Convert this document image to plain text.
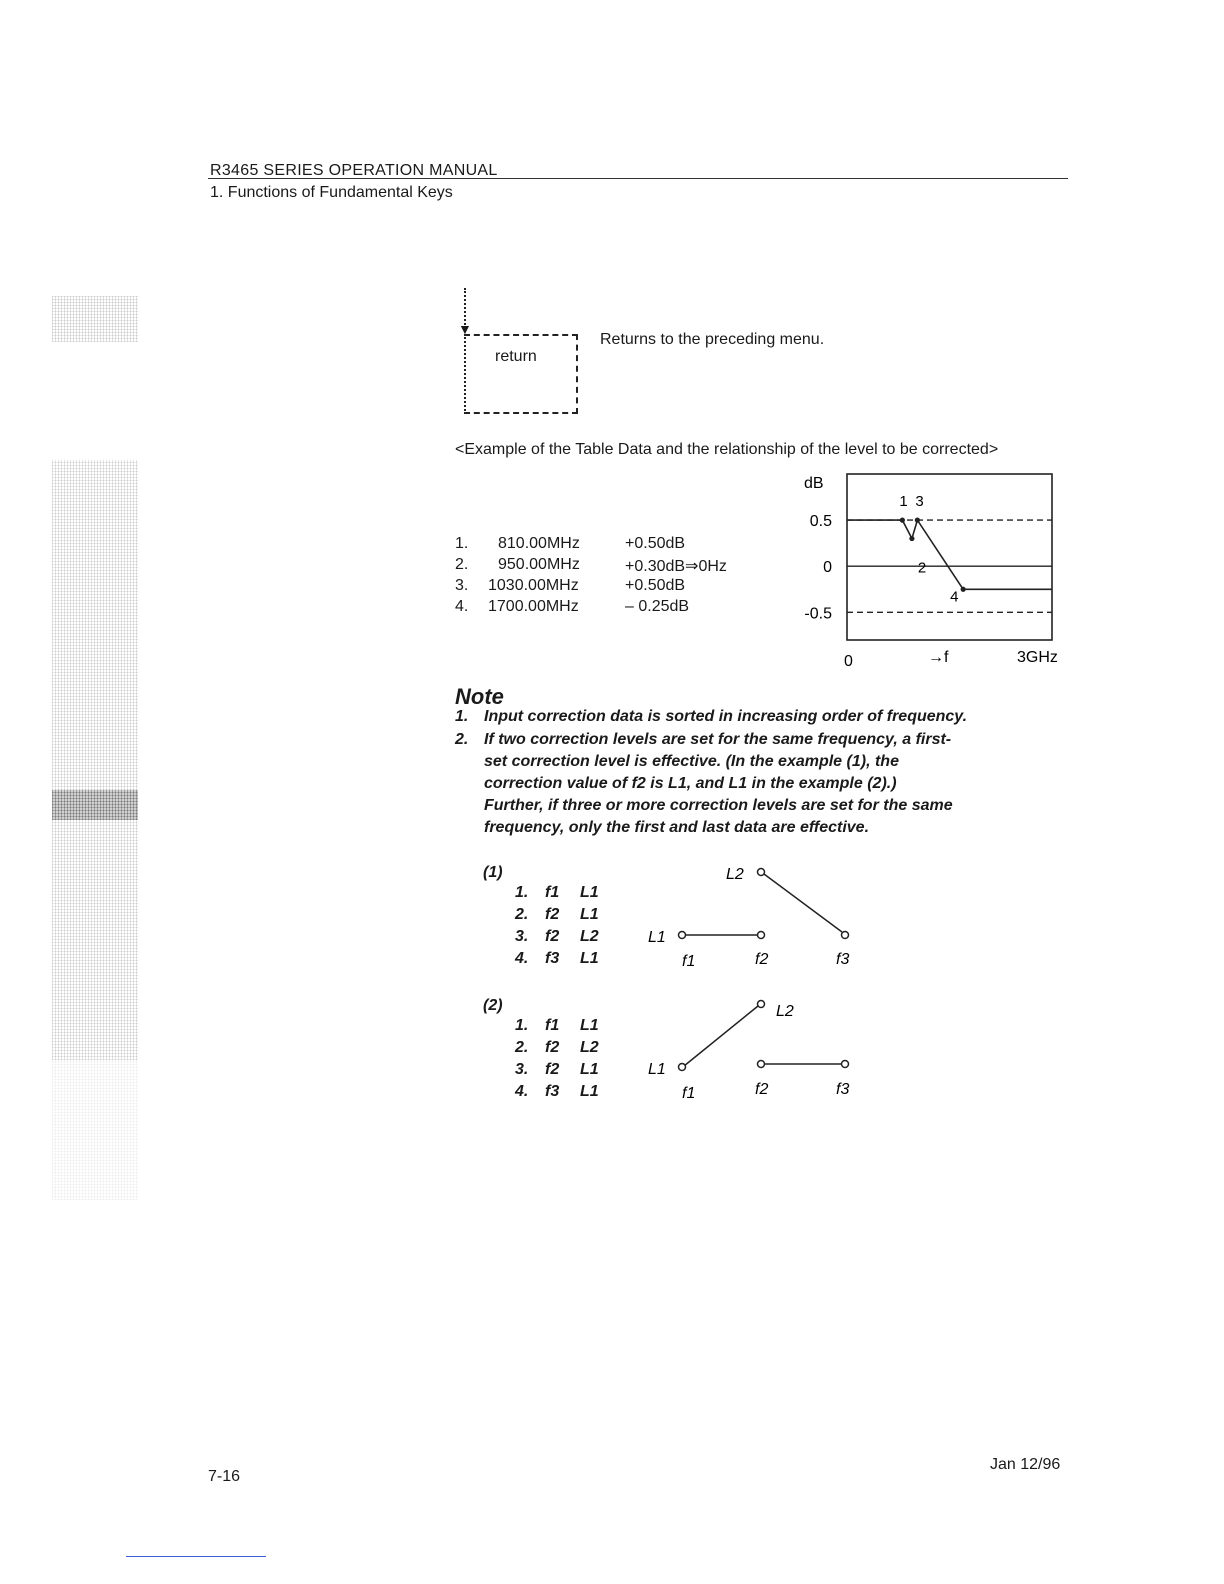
R3465 SERIES OPERATION MANUAL
1. Functions of Fundamental Keys
▼
return
Returns to the preceding menu.
<Example of the Table Data and the relationship of the level to be corrected>
1. 810.00MHz	+0.50dB
2. 950.00MHz	+0.30dB⇒0Hz
3. 1030.00MHz	+0.50dB
4. 1700.00MHz	– 0.25dB
dB
0.5
0
-0.5
1
2
3
4
0	→f	3GHz
Note
1. Input correction data is sorted in increasing order of frequency.
2. If two correction levels are set for the same frequency, a first-
set correction level is effective. (In the example (1), the
correction value of f2 is L1, and L1 in the example (2).)
Further, if three or more correction levels are set for the same
frequency, only the first and last data are effective.
(1)
1. f1 L1
2. f2 L1
3. f2 L2
4. f3 L1
L1
L2
f1	f2	f3
(2)
1. f1 L1
2. f2 L2
3. f2 L1
4. f3 L1
L1
L2
f1	f2	f3
7-16
Jan 12/96
